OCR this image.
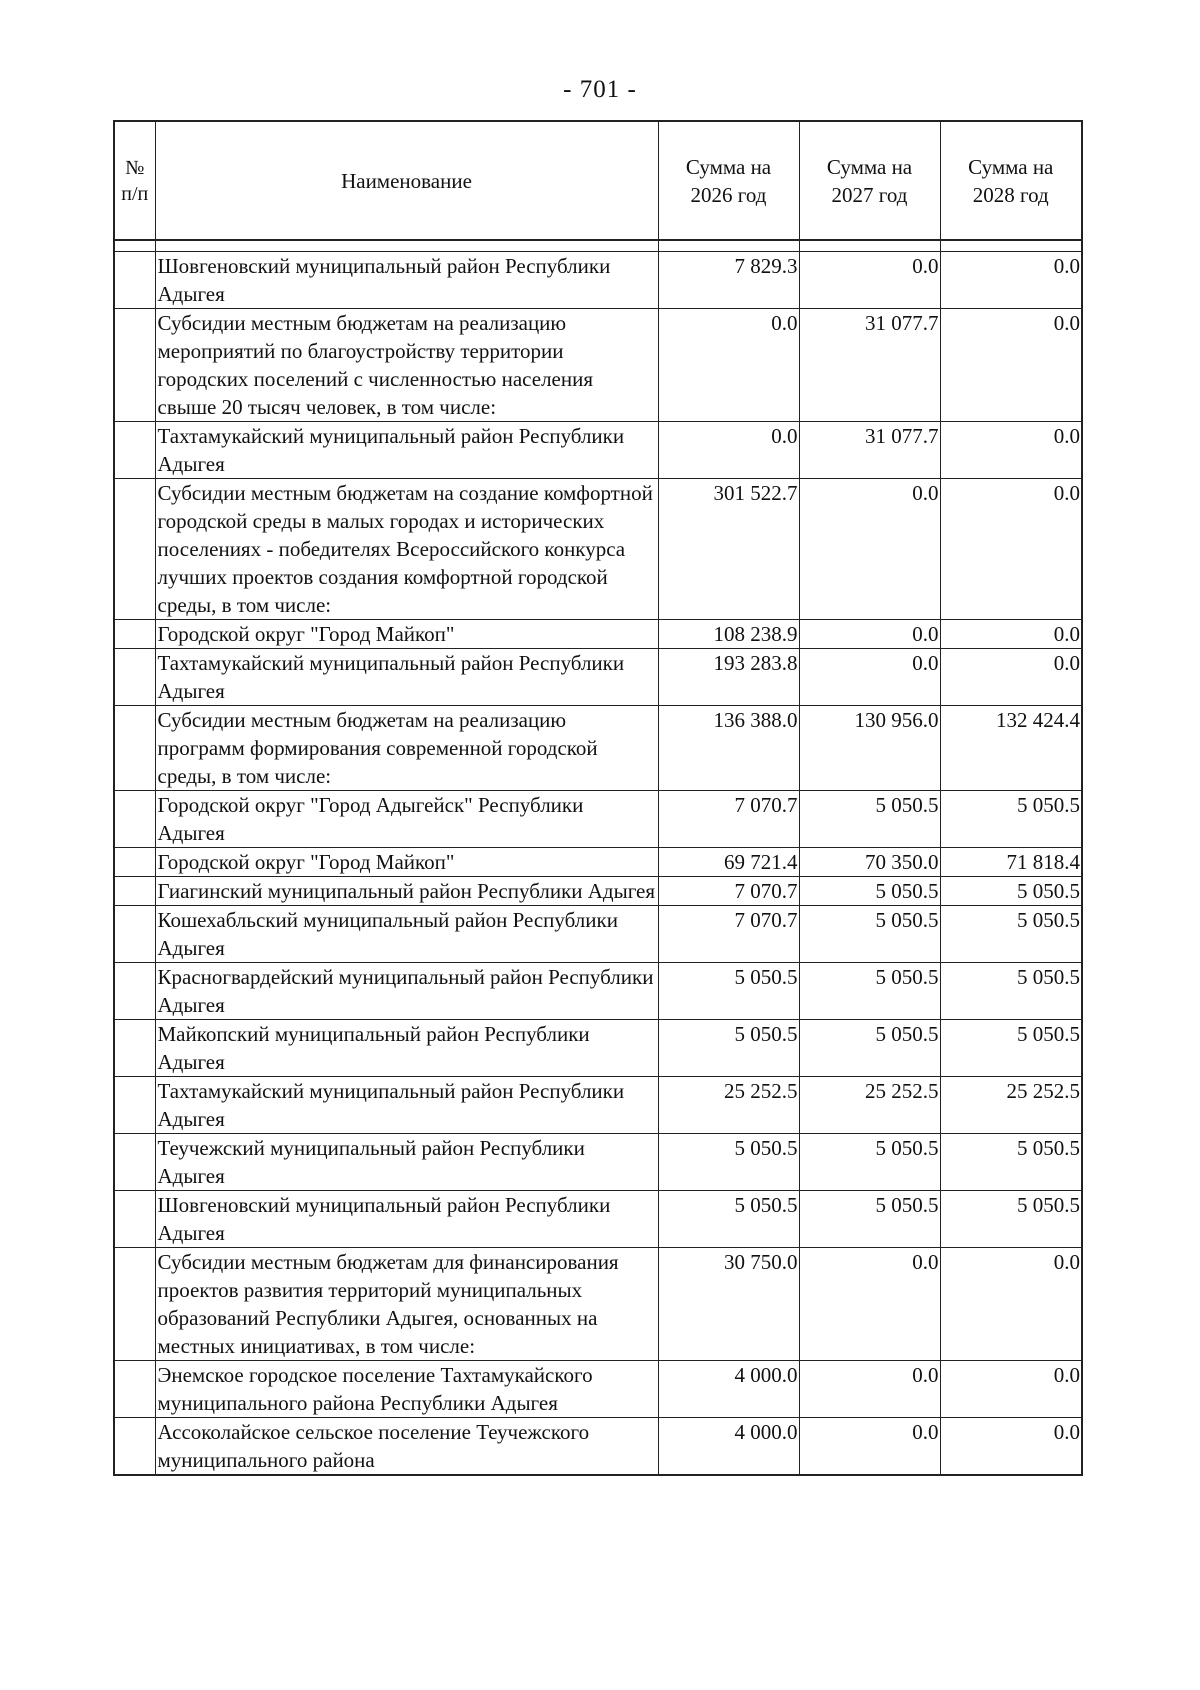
- 701 -
№ п/п	Наименование	Сумма на 2026 год	Сумма на 2027 год	Сумма на 2028 год

	Шовгеновский муниципальный район Республики Адыгея	7 829.3	0.0	0.0
	Субсидии местным бюджетам на реализацию мероприятий по благоустройству территории городских поселений с численностью населения свыше 20 тысяч человек, в том числе:	0.0	31 077.7	0.0
	Тахтамукайский муниципальный район Республики Адыгея	0.0	31 077.7	0.0
	Субсидии местным бюджетам на создание комфортной городской среды в малых городах и исторических поселениях - победителях Всероссийского конкурса лучших проектов создания комфортной городской среды, в том числе:	301 522.7	0.0	0.0
	Городской округ "Город Майкоп"	108 238.9	0.0	0.0
	Тахтамукайский муниципальный район Республики Адыгея	193 283.8	0.0	0.0
	Субсидии местным бюджетам на реализацию программ формирования современной городской среды, в том числе:	136 388.0	130 956.0	132 424.4
	Городской округ "Город Адыгейск" Республики Адыгея	7 070.7	5 050.5	5 050.5
	Городской округ "Город Майкоп"	69 721.4	70 350.0	71 818.4
	Гиагинский муниципальный район Республики Адыгея	7 070.7	5 050.5	5 050.5
	Кошехабльский муниципальный район Республики Адыгея	7 070.7	5 050.5	5 050.5
	Красногвардейский муниципальный район Республики Адыгея	5 050.5	5 050.5	5 050.5
	Майкопский муниципальный район Республики Адыгея	5 050.5	5 050.5	5 050.5
	Тахтамукайский муниципальный район Республики Адыгея	25 252.5	25 252.5	25 252.5
	Теучежский муниципальный район Республики Адыгея	5 050.5	5 050.5	5 050.5
	Шовгеновский муниципальный район Республики Адыгея	5 050.5	5 050.5	5 050.5
	Субсидии местным бюджетам для финансирования проектов развития территорий муниципальных образований Республики Адыгея, основанных на местных инициативах, в том числе:	30 750.0	0.0	0.0
	Энемское городское поселение Тахтамукайского муниципального района Республики Адыгея	4 000.0	0.0	0.0
	Ассоколайское сельское поселение Теучежского муниципального района	4 000.0	0.0	0.0
